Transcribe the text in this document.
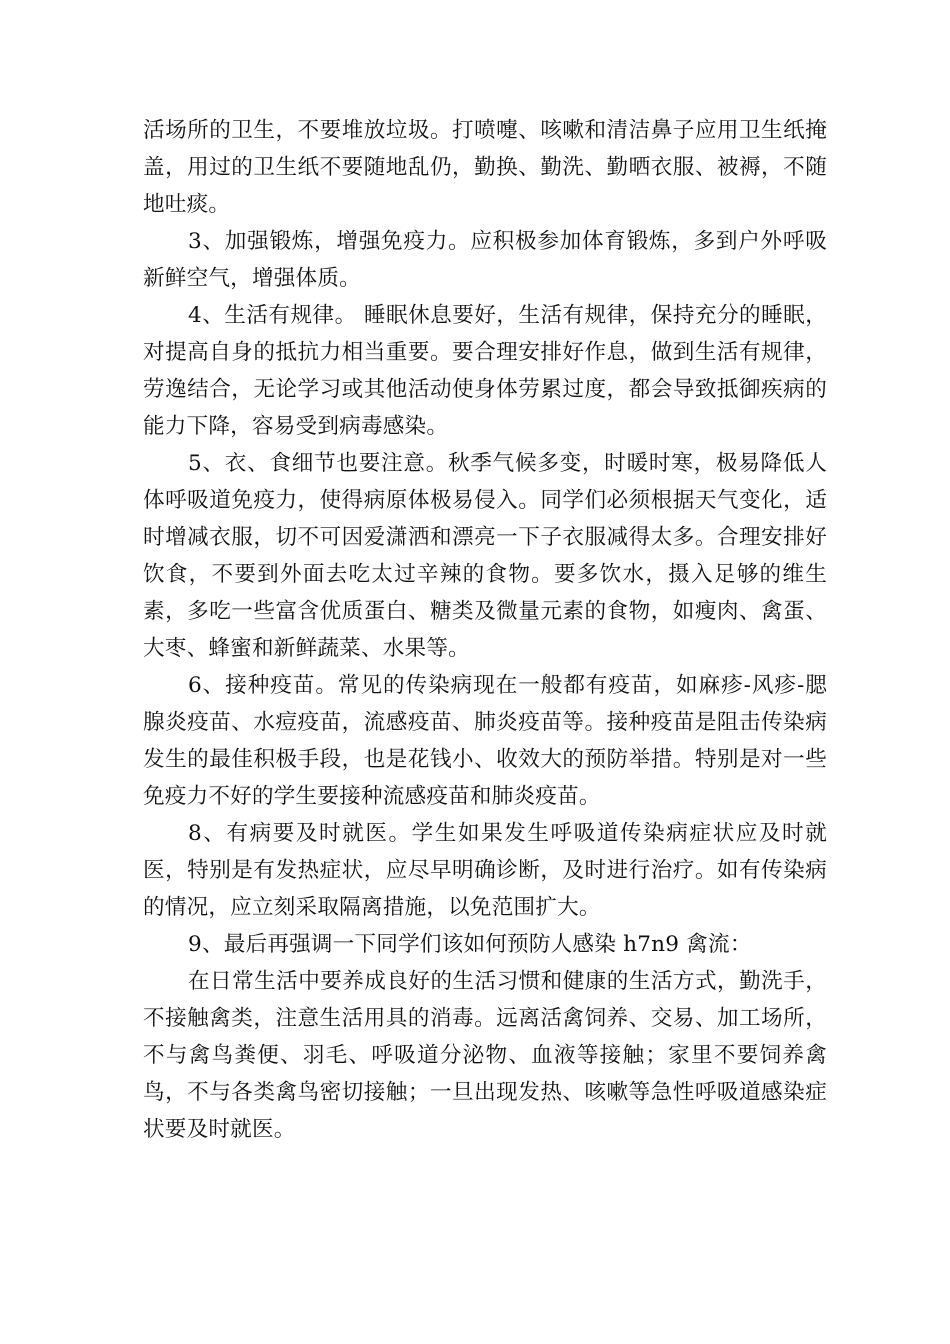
活场所的卫生，不要堆放垃圾。打喷嚏、咳嗽和清洁鼻子应用卫生纸掩盖，用过的卫生纸不要随地乱仍，勤换、勤洗、勤晒衣服、被褥，不随地吐痰。

3、加强锻炼，增强免疫力。应积极参加体育锻炼，多到户外呼吸新鲜空气，增强体质。

4、生活有规律。 睡眠休息要好，生活有规律，保持充分的睡眠，对提高自身的抵抗力相当重要。要合理安排好作息，做到生活有规律，劳逸结合，无论学习或其他活动使身体劳累过度，都会导致抵御疾病的能力下降，容易受到病毒感染。

5、衣、食细节也要注意。秋季气候多变，时暖时寒，极易降低人体呼吸道免疫力，使得病原体极易侵入。同学们必须根据天气变化，适时增减衣服，切不可因爱潇洒和漂亮一下子衣服减得太多。合理安排好饮食，不要到外面去吃太过辛辣的食物。要多饮水，摄入足够的维生素，多吃一些富含优质蛋白、糖类及微量元素的食物，如瘦肉、禽蛋、大枣、蜂蜜和新鲜蔬菜、水果等。

6、接种疫苗。常见的传染病现在一般都有疫苗，如麻疹-风疹-腮腺炎疫苗、水痘疫苗，流感疫苗、肺炎疫苗等。接种疫苗是阻击传染病发生的最佳积极手段，也是花钱小、收效大的预防举措。特别是对一些免疫力不好的学生要接种流感疫苗和肺炎疫苗。

8、有病要及时就医。学生如果发生呼吸道传染病症状应及时就医，特别是有发热症状，应尽早明确诊断，及时进行治疗。如有传染病的情况，应立刻采取隔离措施，以免范围扩大。

9、最后再强调一下同学们该如何预防人感染 h7n9 禽流：

在日常生活中要养成良好的生活习惯和健康的生活方式，勤洗手，不接触禽类，注意生活用具的消毒。远离活禽饲养、交易、加工场所，不与禽鸟粪便、羽毛、呼吸道分泌物、血液等接触；家里不要饲养禽鸟，不与各类禽鸟密切接触；一旦出现发热、咳嗽等急性呼吸道感染症状要及时就医。
